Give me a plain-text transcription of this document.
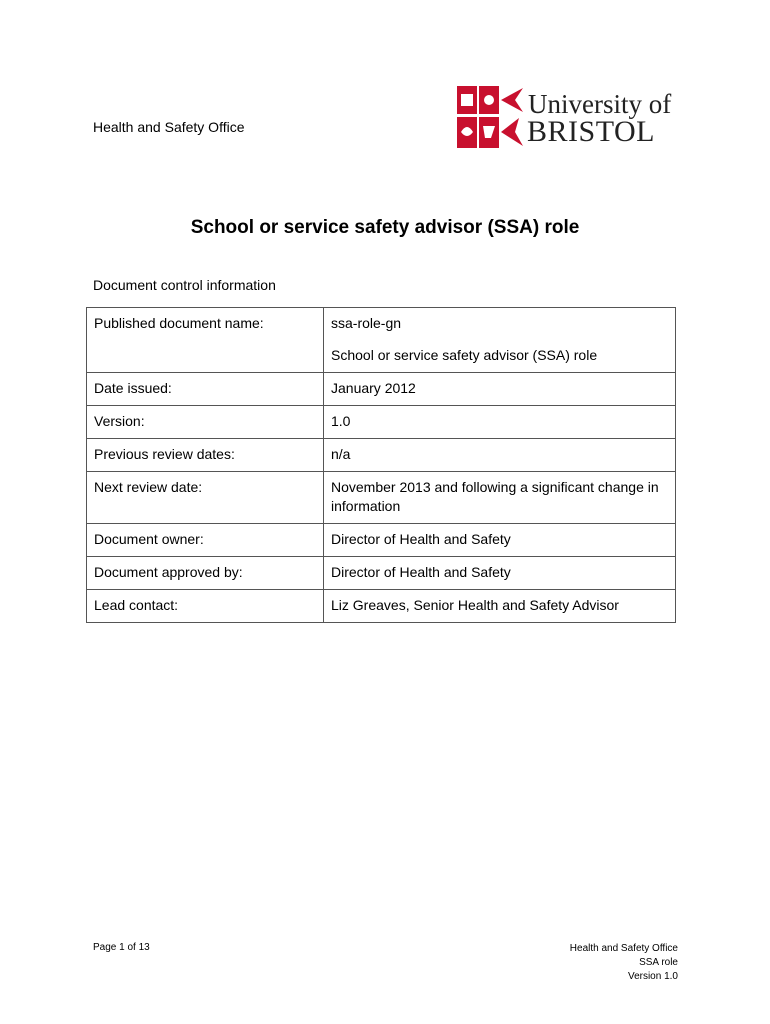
Health and Safety Office
University of
BRISTOL
School or service safety advisor (SSA) role
Document control information
Published document name:	ssa-role-gn
School or service safety advisor (SSA) role

Date issued:	January 2012
Version:	1.0
Previous review dates:	n/a
Next review date:	November 2013 and following a significant change in information
Document owner:	Director of Health and Safety
Document approved by:	Director of Health and Safety
Lead contact:	Liz Greaves, Senior Health and Safety Advisor
Page 1 of 13	Health and Safety Office
SSA role
Version 1.0
